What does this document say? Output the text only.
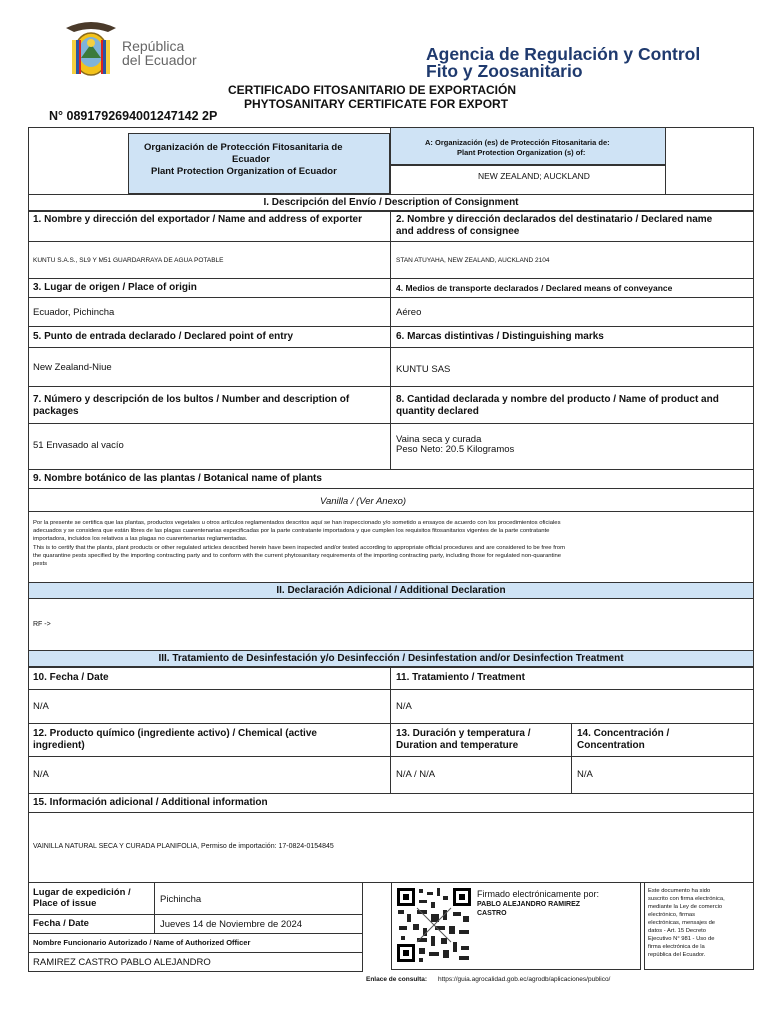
República
del Ecuador	Agencia de Regulación y Control
Fito y Zoosanitario
CERTIFICADO FITOSANITARIO DE EXPORTACIÓN
PHYTOSANITARY CERTIFICATE FOR EXPORT
N° 0891792694001247142 2P
Organización de Protección Fitosanitaria de
Ecuador
Plant Protection Organization of Ecuador
A: Organización (es) de Protección Fitosanitaria de:
Plant Protection Organization (s) of:
NEW ZEALAND; AUCKLAND
I. Descripción del Envío / Description of Consignment
1. Nombre y dirección del exportador / Name and address of exporter	2. Nombre y dirección declarados del destinatario / Declared name
and address of consignee
KUNTU S.A.S., SL9 Y M51 GUARDARRAYA DE AGUA POTABLE	STAN ATUYAHA, NEW ZEALAND, AUCKLAND 2104
3. Lugar de origen / Place of origin	4. Medios de transporte declarados / Declared means of conveyance
Ecuador, Pichincha	Aéreo
5. Punto de entrada declarado / Declared point of entry	6. Marcas distintivas / Distinguishing marks
New Zealand-Niue	KUNTU SAS
7. Número y descripción de los bultos / Number and description of
packages
8. Cantidad declarada y nombre del producto / Name of product and
quantity declared
51 Envasado al vacío
Vaina seca y curada
Peso Neto: 20.5 Kilogramos
9. Nombre botánico de las plantas / Botanical name of plants
Vanilla / (Ver Anexo)
Por la presente se certifica que las plantas, productos vegetales u otros artículos reglamentados descritos aquí se han inspeccionado y/o sometido a ensayos de acuerdo con los procedimientos oficiales
adecuados y se considera que están libres de las plagas cuarentenarias especificadas por la parte contratante importadora y que cumplen los requisitos fitosanitarios vigentes de la parte contratante
importadora, incluidos los relativos a las plagas no cuarentenarias reglamentadas.
This is to certify that the plants, plant products or other regulated articles described herein have been inspected and/or tested according to appropriate official procedures and are considered to be free from
the quarantine pests specified by the importing contracting party and to conform with the current phytosanitary requirements of the importing contracting party, including those for regulated non-quarantine
pests
II. Declaración Adicional / Additional Declaration
RF ->
III. Tratamiento de Desinfestación y/o Desinfección / Desinfestation and/or Desinfection Treatment
10. Fecha / Date	11. Tratamiento / Treatment
N/A	N/A
12. Producto químico (ingrediente activo) / Chemical (active
ingredient)
13. Duración y temperatura /
Duration and temperature
14. Concentración /
Concentration
N/A	N/A / N/A	N/A
15. Información adicional / Additional information
VAINILLA NATURAL SECA Y CURADA PLANIFOLIA, Permiso de importación: 17-0824-0154845
Lugar de expedición /
Place of issue	Pichincha
Fecha / Date	Jueves 14 de Noviembre de 2024
Nombre Funcionario Autorizado / Name of Authorized Officer
RAMIREZ CASTRO PABLO ALEJANDRO
Firmado electrónicamente por:
PABLO ALEJANDRO RAMIREZ
CASTRO
Este documento ha sido
suscrito con firma electrónica,
mediante la Ley de comercio
electrónico, firmas
electrónicas, mensajes de
datos - Art. 15 Decreto
Ejecutivo N° 981 - Uso de
firma electrónica de la
república del Ecuador.
Enlace de consulta: https://guia.agrocalidad.gob.ec/agrodb/aplicaciones/publico/
